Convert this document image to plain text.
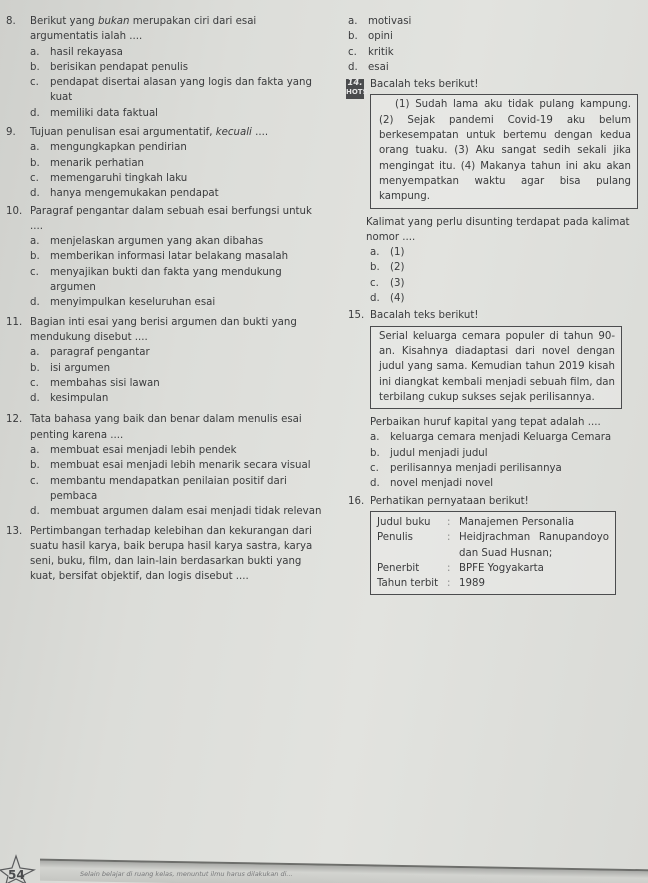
8. Berikut yang bukan merupakan ciri dari esai argumentatis ialah ....
a. hasil rekayasa
b. berisikan pendapat penulis
c. pendapat disertai alasan yang logis dan fakta yang kuat
d. memiliki data faktual
9. Tujuan penulisan esai argumentatif, kecuali ....
a. mengungkapkan pendirian
b. menarik perhatian
c. memengaruhi tingkah laku
d. hanya mengemukakan pendapat
10. Paragraf pengantar dalam sebuah esai berfungsi untuk ....
a. menjelaskan argumen yang akan dibahas
b. memberikan informasi latar belakang masalah
c. menyajikan bukti dan fakta yang mendukung argumen
d. menyimpulkan keseluruhan esai
11. Bagian inti esai yang berisi argumen dan bukti yang mendukung disebut ....
a. paragraf pengantar
b. isi argumen
c. membahas sisi lawan
d. kesimpulan
12. Tata bahasa yang baik dan benar dalam menulis esai penting karena ....
a. membuat esai menjadi lebih pendek
b. membuat esai menjadi lebih menarik secara visual
c. membantu mendapatkan penilaian positif dari pembaca
d. membuat argumen dalam esai menjadi tidak relevan
13. Pertimbangan terhadap kelebihan dan kekurangan dari suatu hasil karya, baik berupa hasil karya sastra, karya seni, buku, film, dan lain-lain berdasarkan bukti yang kuat, bersifat objektif, dan logis disebut ....
a. motivasi
b. opini
c. kritik
d. esai
14.
HOTS
Bacalah teks berikut!
(1) Sudah lama aku tidak pulang kampung. (2) Sejak pandemi Covid-19 aku belum berkesempatan untuk bertemu dengan kedua orang tuaku. (3) Aku sangat sedih sekali jika mengingat itu. (4) Makanya tahun ini aku akan menyempatkan waktu agar bisa pulang kampung.
Kalimat yang perlu disunting terdapat pada kalimat nomor ....
a. (1)
b. (2)
c. (3)
d. (4)
15. Bacalah teks berikut!
Serial keluarga cemara populer di tahun 90-an. Kisahnya diadaptasi dari novel dengan judul yang sama. Kemudian tahun 2019 kisah ini diangkat kembali menjadi sebuah film, dan terbilang cukup sukses sejak perilisannya.
Perbaikan huruf kapital yang tepat adalah ....
a. keluarga cemara menjadi Keluarga Cemara
b. judul menjadi judul
c. perilisannya menjadi perilisannya
d. novel menjadi novel
16. Perhatikan pernyataan berikut!
Judul buku	: Manajemen Personalia
Penulis	: Heidjrachman Ranupandoyo dan Suad Husnan;
Penerbit	: BPFE Yogyakarta
Tahun terbit : 1989
54	Selain belajar di ruang kelas, menuntut ilmu harus dilakukan di...
